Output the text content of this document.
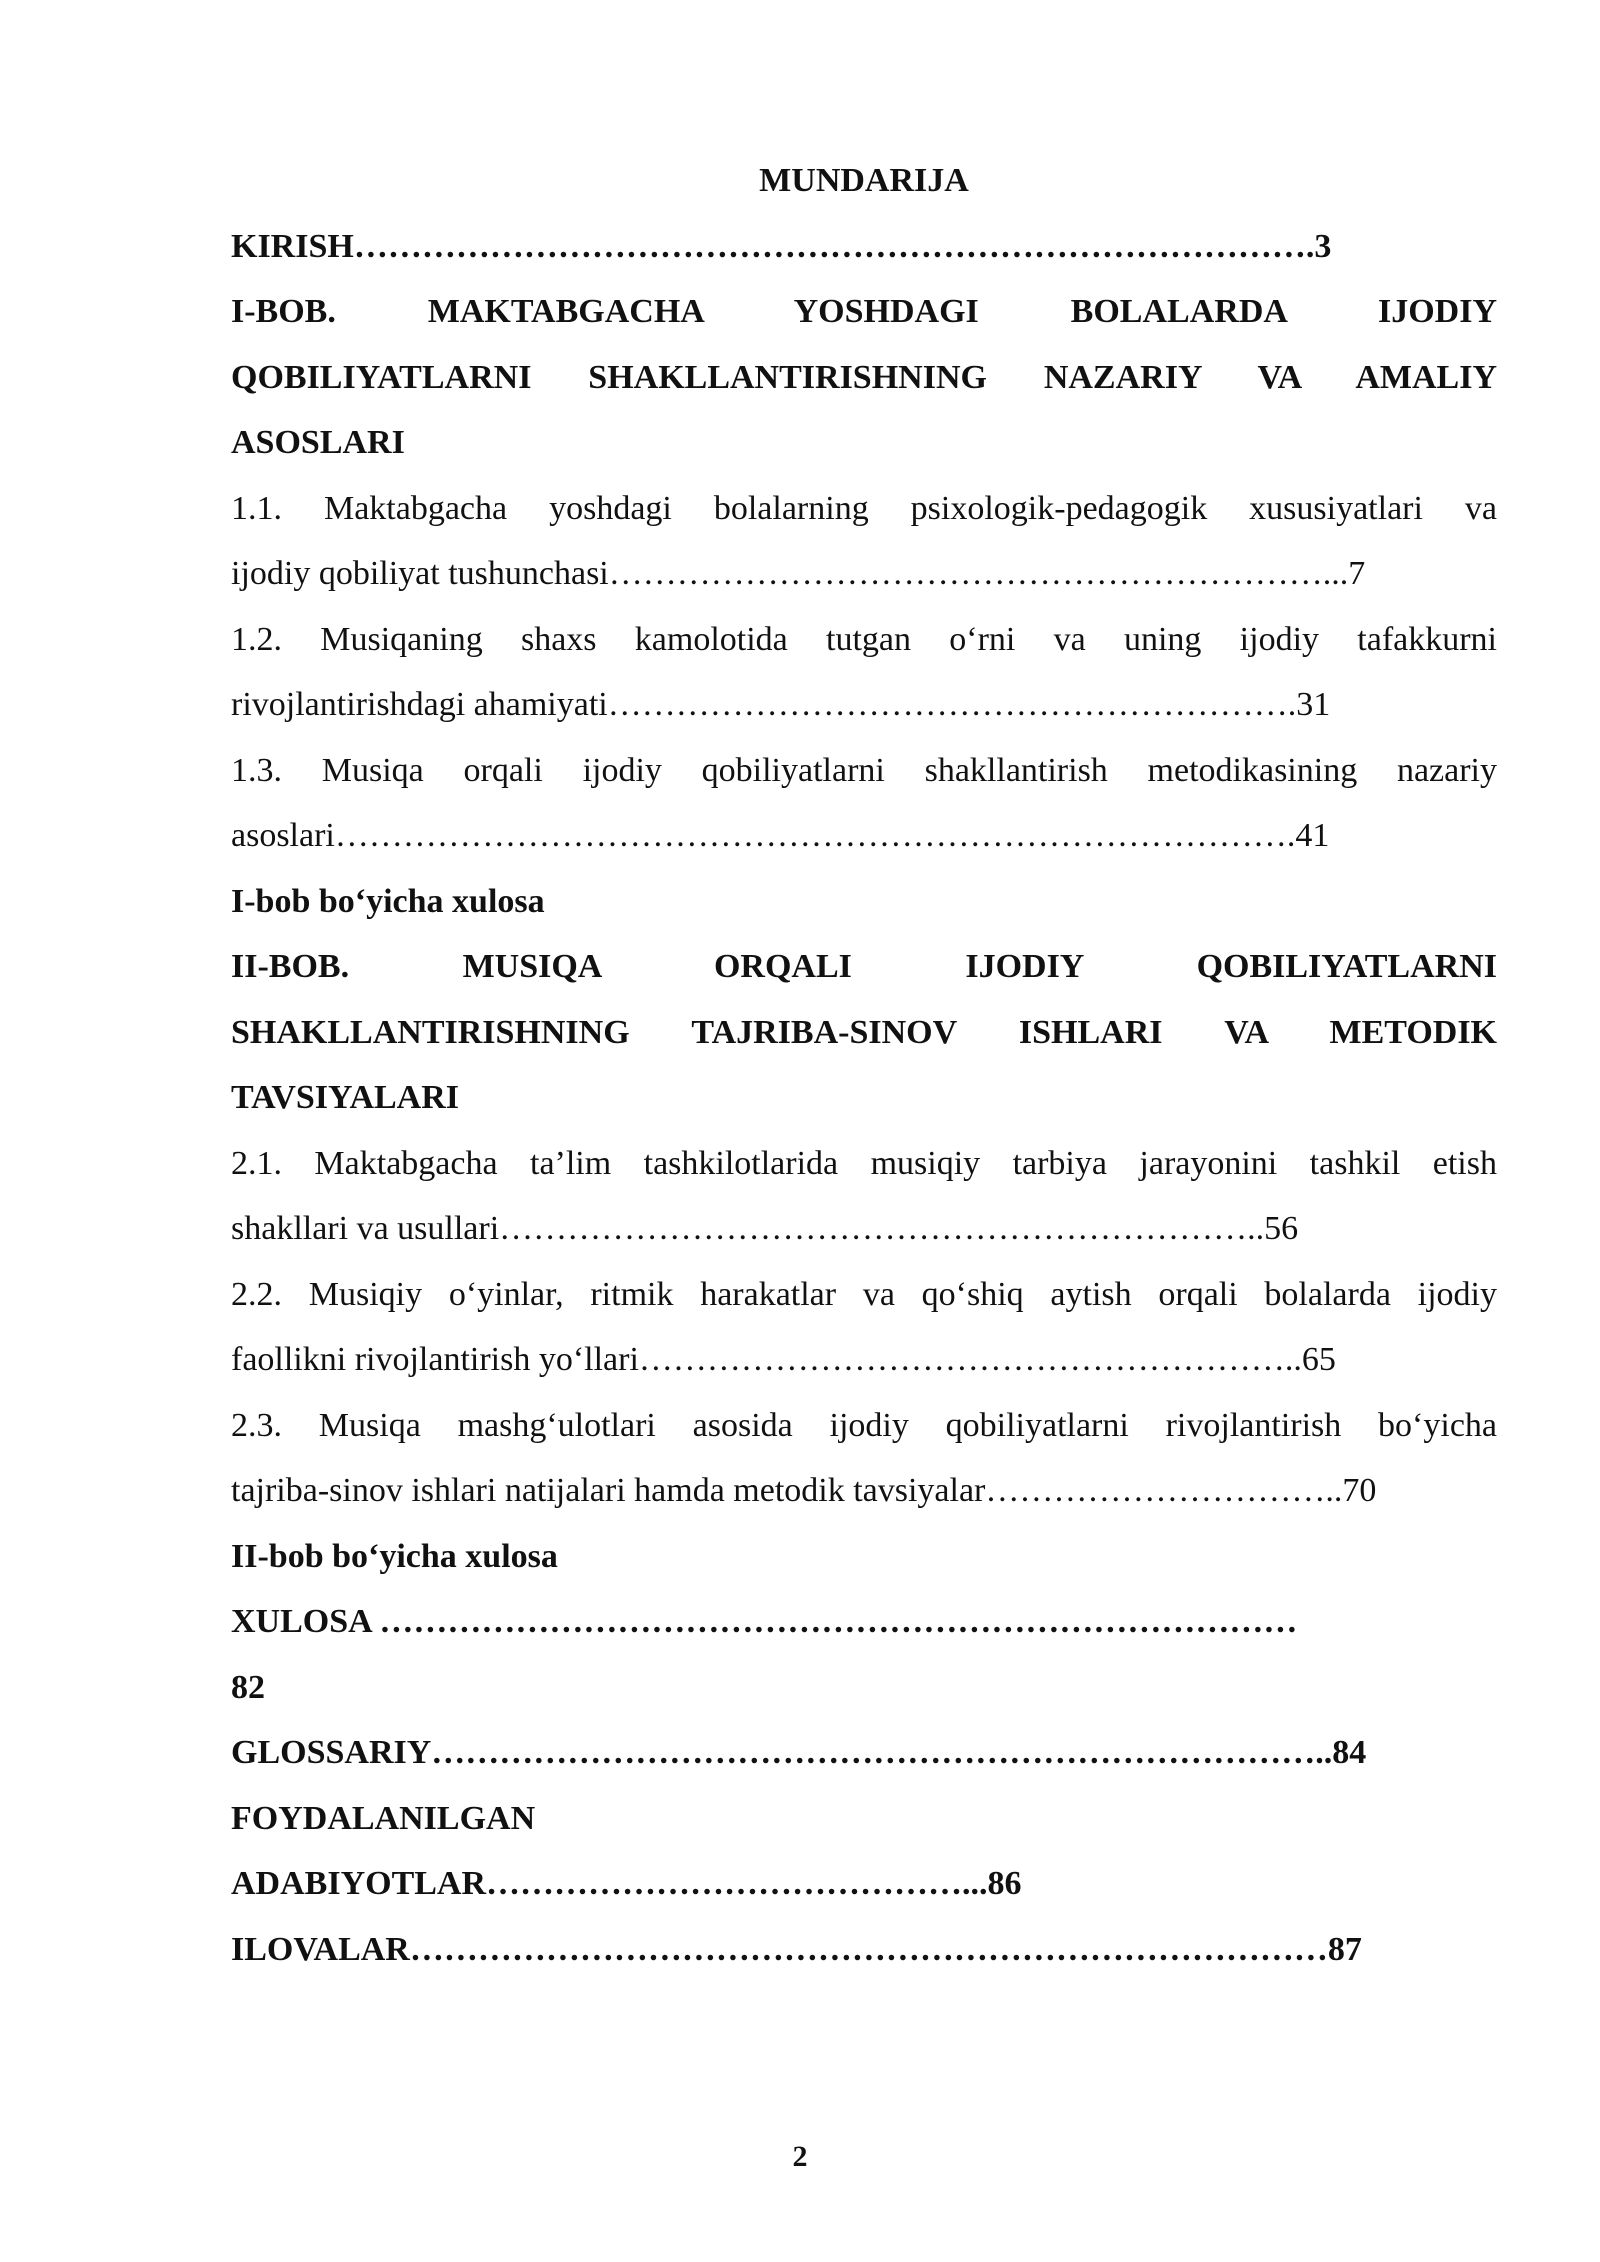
MUNDARIJA
KIRISH………………………………………………………………………….3
I-BOB. MAKTABGACHA YOSHDAGI BOLALARDA IJODIY
QOBILIYATLARNI SHAKLLANTIRISHNING NAZARIY VA AMALIY
ASOSLARI
1.1. Maktabgacha yoshdagi bolalarning psixologik-pedagogik xususiyatlari va
ijodiy qobiliyat tushunchasi………………………………………………………...7
1.2. Musiqaning shaxs kamolotida tutgan o‘rni va uning ijodiy tafakkurni
rivojlantirishdagi ahamiyati…………………………………………………….31
1.3. Musiqa orqali ijodiy qobiliyatlarni shakllantirish metodikasining nazariy
asoslari………………………………………………………………………….41
I-bob bo‘yicha xulosa
II-BOB. MUSIQA ORQALI IJODIY QOBILIYATLARNI
SHAKLLANTIRISHNING TAJRIBA-SINOV ISHLARI VA METODIK
TAVSIYALARI
2.1. Maktabgacha ta’lim tashkilotlarida musiqiy tarbiya jarayonini tashkil etish
shakllari va usullari…………………………………………………………..56
2.2. Musiqiy o‘yinlar, ritmik harakatlar va qo‘shiq aytish orqali bolalarda ijodiy
faollikni rivojlantirish yo‘llari…………………………………………………..65
2.3. Musiqa mashg‘ulotlari asosida ijodiy qobiliyatlarni rivojlantirish bo‘yicha
tajriba-sinov ishlari natijalari hamda metodik tavsiyalar…………………………..70
II-bob bo‘yicha xulosa
XULOSA ………………………………………………………………………
82
GLOSSARIY……………………………………………………………………..84
FOYDALANILGAN
ADABIYOTLAR……………………………………...86
ILOVALAR………………………………………………………………………87
2
